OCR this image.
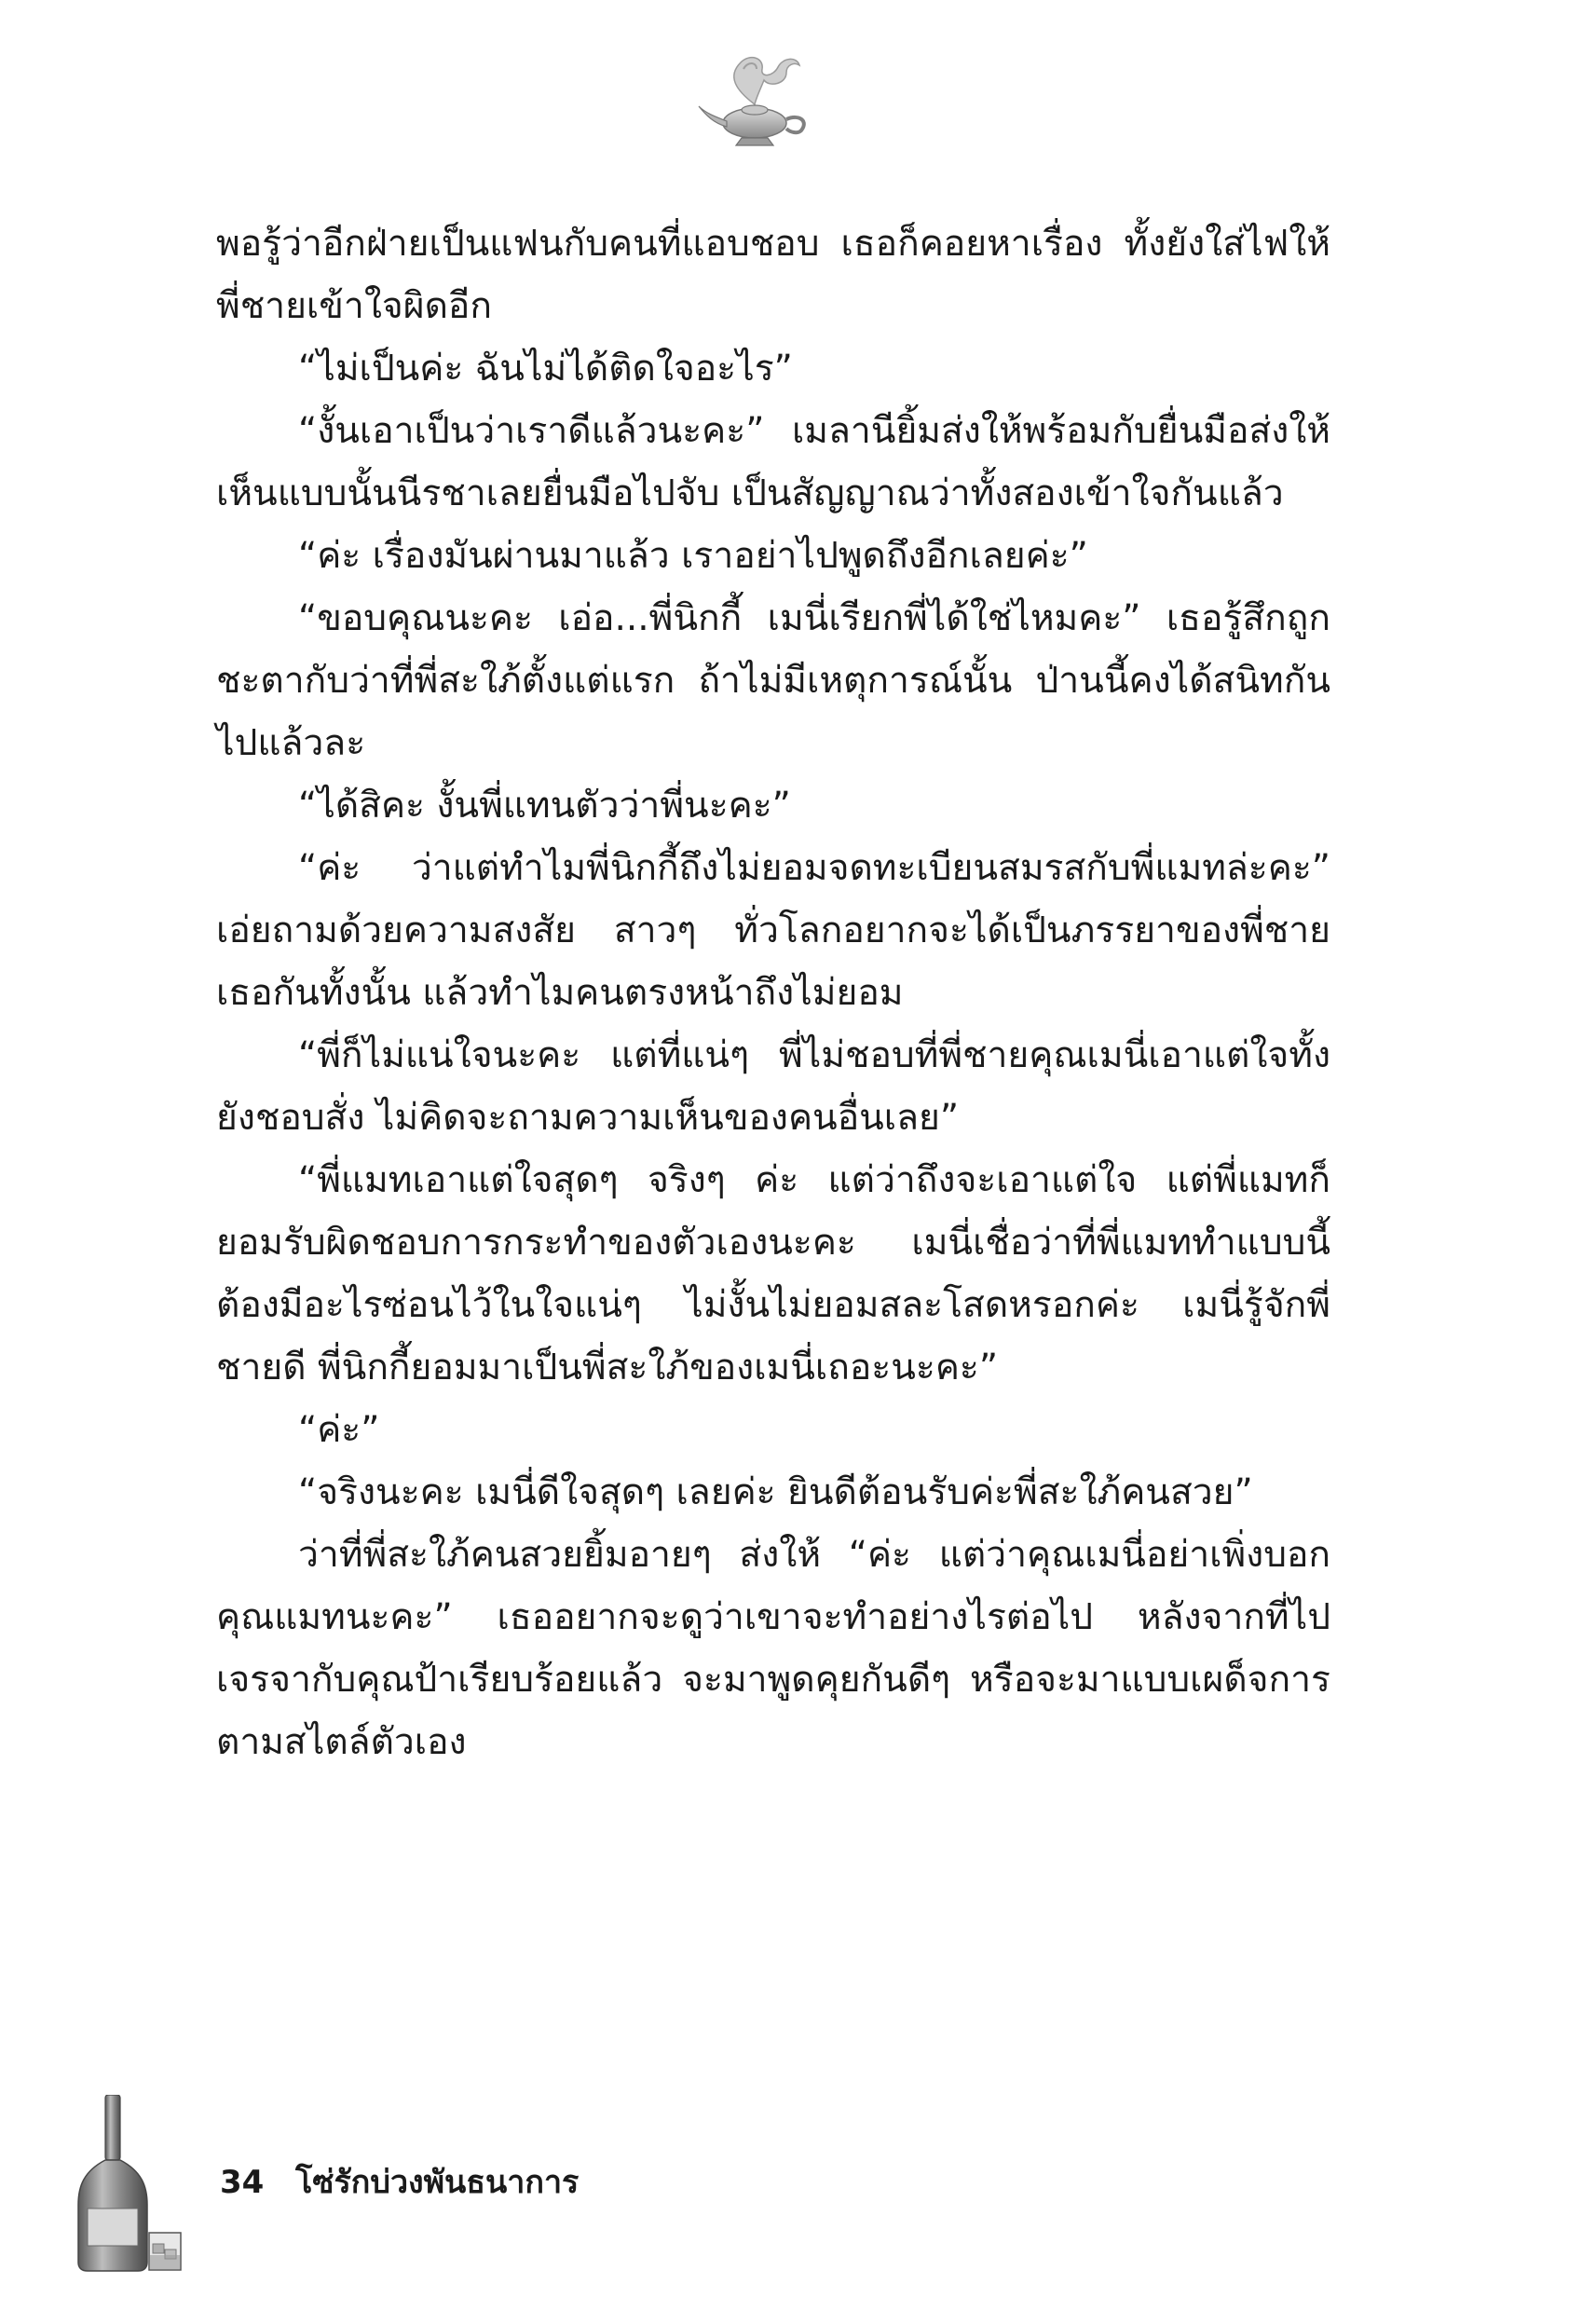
พอรู้ว่าอีกฝ่ายเป็นแฟนกับคนที่แอบชอบ เธอก็คอยหาเรื่อง ทั้งยังใส่ไฟให้พี่ชายเข้าใจผิดอีก

“ไม่เป็นค่ะ ฉันไม่ได้ติดใจอะไร”

“งั้นเอาเป็นว่าเราดีแล้วนะคะ” เมลานียิ้มส่งให้พร้อมกับยื่นมือส่งให้ เห็นแบบนั้นนีรชาเลยยื่นมือไปจับ เป็นสัญญาณว่าทั้งสองเข้าใจกันแล้ว

“ค่ะ เรื่องมันผ่านมาแล้ว เราอย่าไปพูดถึงอีกเลยค่ะ”

“ขอบคุณนะคะ เอ่อ...พี่นิกกี้ เมนี่เรียกพี่ได้ใช่ไหมคะ” เธอรู้สึกถูกชะตากับว่าที่พี่สะใภ้ตั้งแต่แรก ถ้าไม่มีเหตุการณ์นั้น ป่านนี้คงได้สนิทกันไปแล้วละ

“ได้สิคะ งั้นพี่แทนตัวว่าพี่นะคะ”

“ค่ะ ว่าแต่ทำไมพี่นิกกี้ถึงไม่ยอมจดทะเบียนสมรสกับพี่แมทล่ะคะ” เอ่ยถามด้วยความสงสัย สาวๆ ทั่วโลกอยากจะได้เป็นภรรยาของพี่ชายเธอกันทั้งนั้น แล้วทำไมคนตรงหน้าถึงไม่ยอม

“พี่ก็ไม่แน่ใจนะคะ แต่ที่แน่ๆ พี่ไม่ชอบที่พี่ชายคุณเมนี่เอาแต่ใจทั้งยังชอบสั่ง ไม่คิดจะถามความเห็นของคนอื่นเลย”

“พี่แมทเอาแต่ใจสุดๆ จริงๆ ค่ะ แต่ว่าถึงจะเอาแต่ใจ แต่พี่แมทก็ยอมรับผิดชอบการกระทำของตัวเองนะคะ เมนี่เชื่อว่าที่พี่แมททำแบบนี้ต้องมีอะไรซ่อนไว้ในใจแน่ๆ ไม่งั้นไม่ยอมสละโสดหรอกค่ะ เมนี่รู้จักพี่ชายดี พี่นิกกี้ยอมมาเป็นพี่สะใภ้ของเมนี่เถอะนะคะ”

“ค่ะ”

“จริงนะคะ เมนี่ดีใจสุดๆ เลยค่ะ ยินดีต้อนรับค่ะพี่สะใภ้คนสวย”

ว่าที่พี่สะใภ้คนสวยยิ้มอายๆ ส่งให้ “ค่ะ แต่ว่าคุณเมนี่อย่าเพิ่งบอกคุณแมทนะคะ” เธออยากจะดูว่าเขาจะทำอย่างไรต่อไป หลังจากที่ไปเจรจากับคุณป้าเรียบร้อยแล้ว จะมาพูดคุยกันดีๆ หรือจะมาแบบเผด็จการตามสไตล์ตัวเอง

34 โซ่รักบ่วงพันธนาการ
